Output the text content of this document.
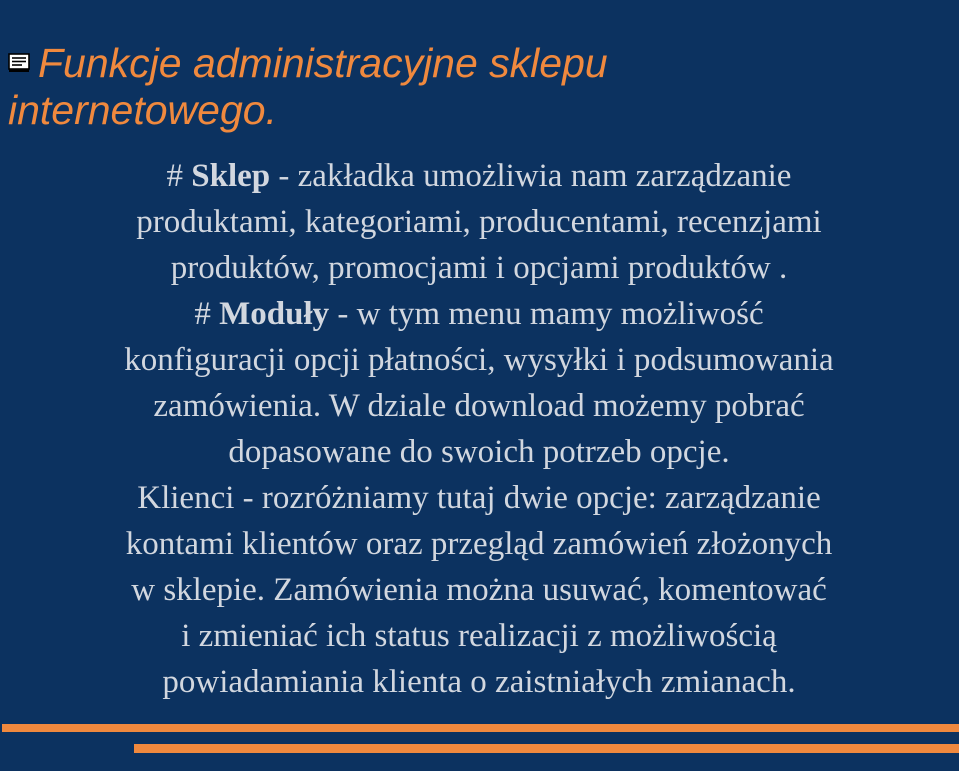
Funkcje administracyjne sklepu
internetowego.

# Sklep - zakładka umożliwia nam zarządzanie
produktami, kategoriami, producentami, recenzjami
produktów, promocjami i opcjami produktów .
# Moduły - w tym menu mamy możliwość
konfiguracji opcji płatności, wysyłki i podsumowania
zamówienia. W dziale download możemy pobrać
dopasowane do swoich potrzeb opcje.
Klienci - rozróżniamy tutaj dwie opcje: zarządzanie
kontami klientów oraz przegląd zamówień złożonych
w sklepie. Zamówienia można usuwać, komentować
i zmieniać ich status realizacji z możliwością
powiadamiania klienta o zaistniałych zmianach.
